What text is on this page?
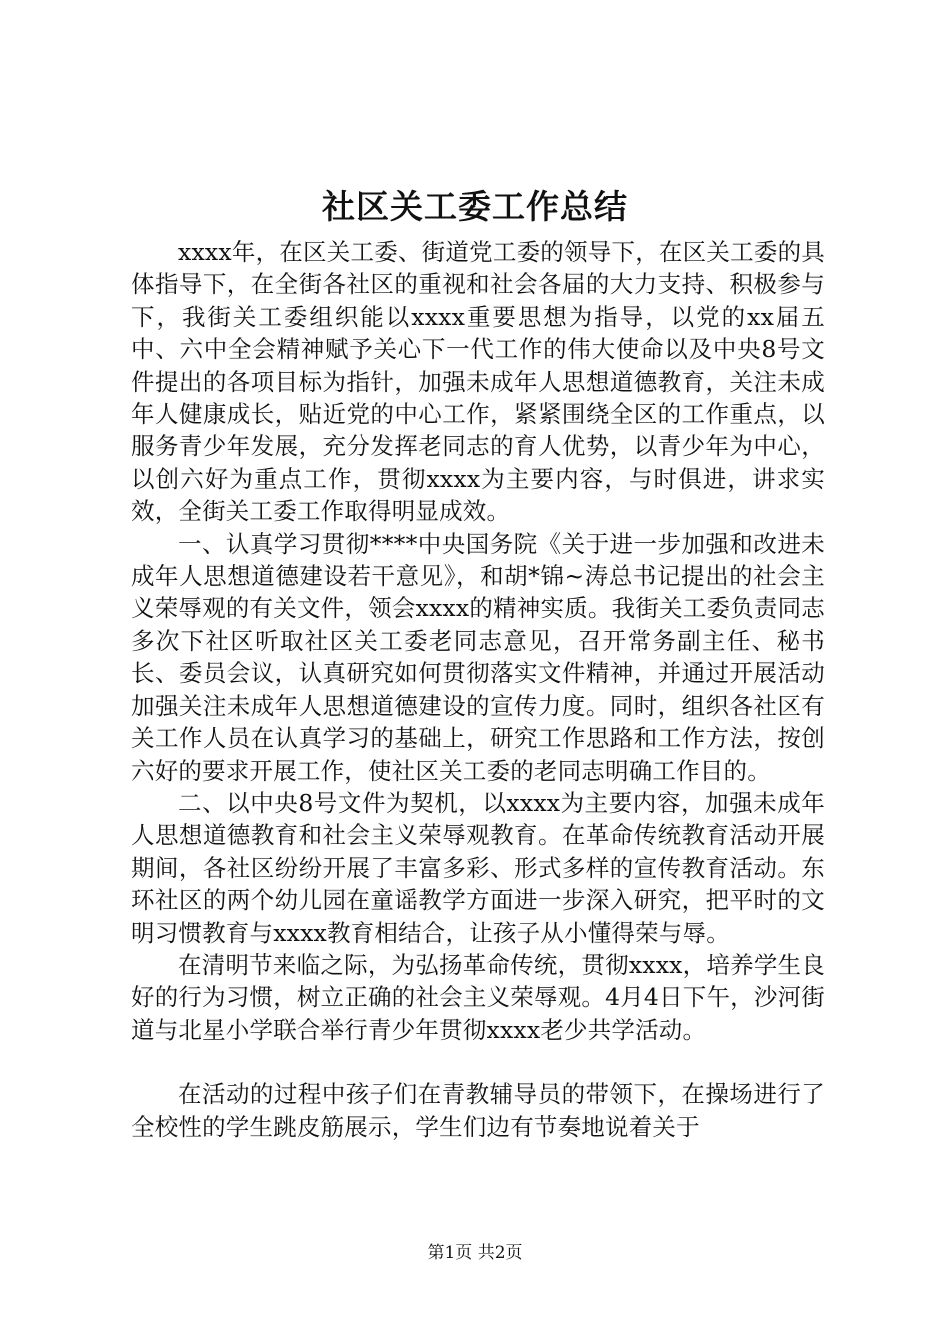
社区关工委工作总结

xxxx年，在区关工委、街道党工委的领导下，在区关工委的具体指导下，在全街各社区的重视和社会各届的大力支持、积极参与下，我街关工委组织能以xxxx重要思想为指导，以党的xx届五中、六中全会精神赋予关心下一代工作的伟大使命以及中央8号文件提出的各项目标为指针，加强未成年人思想道德教育，关注未成年人健康成长，贴近党的中心工作，紧紧围绕全区的工作重点，以服务青少年发展，充分发挥老同志的育人优势，以青少年为中心，以创六好为重点工作，贯彻xxxx为主要内容，与时俱进，讲求实效，全街关工委工作取得明显成效。

一、认真学习贯彻****中央国务院《关于进一步加强和改进未成年人思想道德建设若干意见》，和胡*锦~涛总书记提出的社会主义荣辱观的有关文件，领会xxxx的精神实质。我街关工委负责同志多次下社区听取社区关工委老同志意见，召开常务副主任、秘书长、委员会议，认真研究如何贯彻落实文件精神，并通过开展活动加强关注未成年人思想道德建设的宣传力度。同时，组织各社区有关工作人员在认真学习的基础上，研究工作思路和工作方法，按创六好的要求开展工作，使社区关工委的老同志明确工作目的。

二、以中央8号文件为契机，以xxxx为主要内容，加强未成年人思想道德教育和社会主义荣辱观教育。在革命传统教育活动开展期间，各社区纷纷开展了丰富多彩、形式多样的宣传教育活动。东环社区的两个幼儿园在童谣教学方面进一步深入研究，把平时的文明习惯教育与xxxx教育相结合，让孩子从小懂得荣与辱。

在清明节来临之际，为弘扬革命传统，贯彻xxxx，培养学生良好的行为习惯，树立正确的社会主义荣辱观。4月4日下午，沙河街道与北星小学联合举行青少年贯彻xxxx老少共学活动。

在活动的过程中孩子们在青教辅导员的带领下，在操场进行了全校性的学生跳皮筋展示，学生们边有节奏地说着关于

第1页 共2页
